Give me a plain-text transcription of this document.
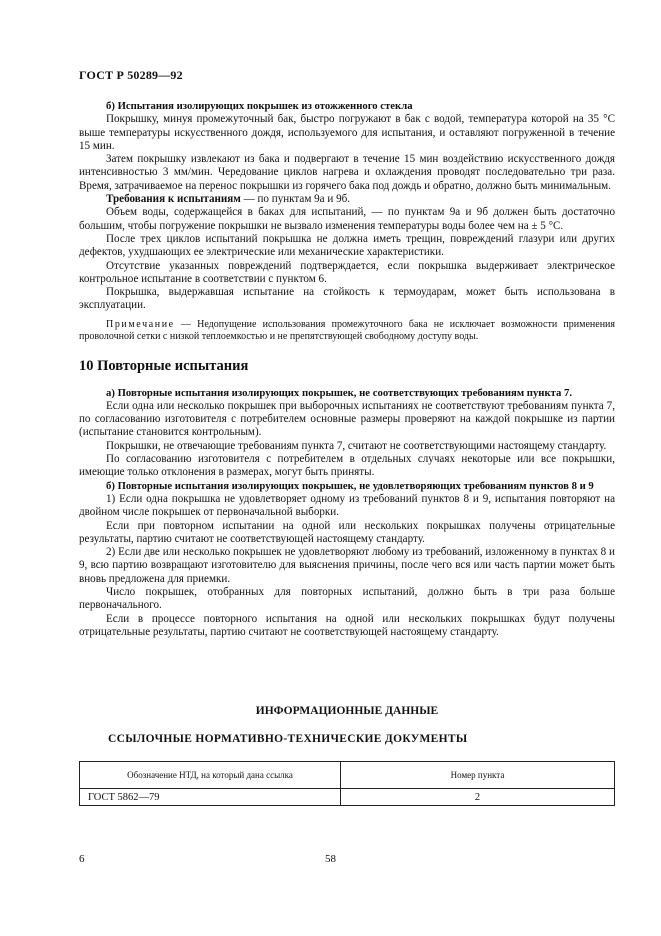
ГОСТ Р 50289—92

б) Испытания изолирующих покрышек из отожженного стекла

Покрышку, минуя промежуточный бак, быстро погружают в бак с водой, температура которой на 35 °С выше температуры искусственного дождя, используемого для испытания, и оставляют погруженной в течение 15 мин.

Затем покрышку извлекают из бака и подвергают в течение 15 мин воздействию искусственного дождя интенсивностью 3 мм/мин. Чередование циклов нагрева и охлаждения проводят последовательно три раза. Время, затрачиваемое на перенос покрышки из горячего бака под дождь и обратно, должно быть минимальным.

Требования к испытаниям — по пунктам 9а и 9б.

Объем воды, содержащейся в баках для испытаний, — по пунктам 9а и 9б должен быть достаточно большим, чтобы погружение покрышки не вызвало изменения температуры воды более чем на ± 5 °С.

После трех циклов испытаний покрышка не должна иметь трещин, повреждений глазури или других дефектов, ухудшающих ее электрические или механические характеристики.

Отсутствие указанных повреждений подтверждается, если покрышка выдерживает электрическое контрольное испытание в соответствии с пунктом 6.

Покрышка, выдержавшая испытание на стойкость к термоударам, может быть использована в эксплуатации.

Примечание — Недопущение использования промежуточного бака не исключает возможности применения проволочной сетки с низкой теплоемкостью и не препятствующей свободному доступу воды.

10 Повторные испытания

а) Повторные испытания изолирующих покрышек, не соответствующих требованиям пункта 7.

Если одна или несколько покрышек при выборочных испытаниях не соответствуют требованиям пункта 7, по согласованию изготовителя с потребителем основные размеры проверяют на каждой покрышке из партии (испытание становится контрольным).

Покрышки, не отвечающие требованиям пункта 7, считают не соответствующими настоящему стандарту.

По согласованию изготовителя с потребителем в отдельных случаях некоторые или все покрышки, имеющие только отклонения в размерах, могут быть приняты.

б) Повторные испытания изолирующих покрышек, не удовлетворяющих требованиям пунктов 8 и 9

1) Если одна покрышка не удовлетворяет одному из требований пунктов 8 и 9, испытания повторяют на двойном числе покрышек от первоначальной выборки.

Если при повторном испытании на одной или нескольких покрышках получены отрицательные результаты, партию считают не соответствующей настоящему стандарту.

2) Если две или несколько покрышек не удовлетворяют любому из требований, изложенному в пунктах 8 и 9, всю партию возвращают изготовителю для выяснения причины, после чего вся или часть партии может быть вновь предложена для приемки.

Число покрышек, отобранных для повторных испытаний, должно быть в три раза больше первоначального.

Если в процессе повторного испытания на одной или нескольких покрышках будут получены отрицательные результаты, партию считают не соответствующей настоящему стандарту.

ИНФОРМАЦИОННЫЕ ДАННЫЕ
ССЫЛОЧНЫЕ НОРМАТИВНО-ТЕХНИЧЕСКИЕ ДОКУМЕНТЫ
Обозначение НТД, на который дана ссылка	Номер пункта
ГОСТ 5862—79	2
6	58
